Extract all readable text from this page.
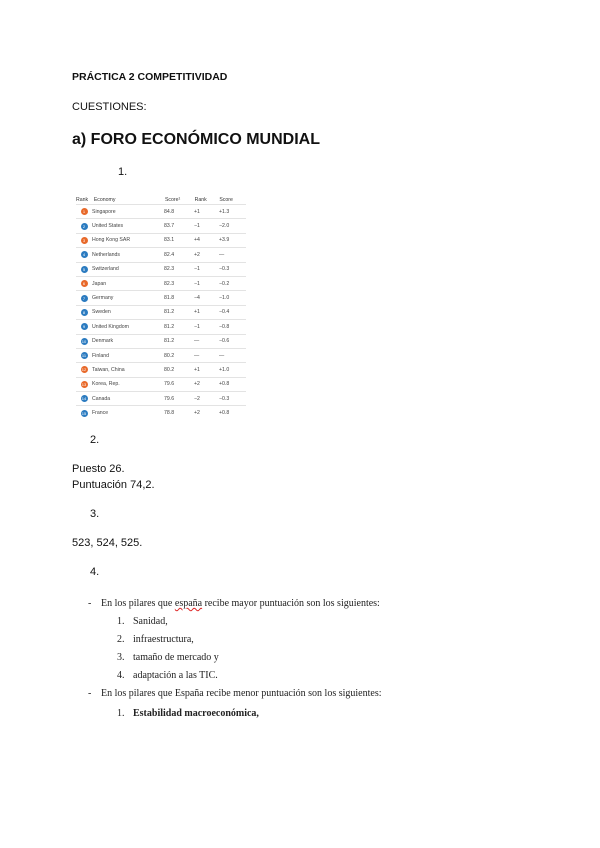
PRÁCTICA 2 COMPETITIVIDAD
CUESTIONES:
a) FORO ECONÓMICO MUNDIAL
1.
Rank	Economy	Score¹	Rank	Score
1	Singapore	84.8	+1	+1.3
2	United States	83.7	−1	−2.0
3	Hong Kong SAR	83.1	+4	+3.9
4	Netherlands	82.4	+2	—
5	Switzerland	82.3	−1	−0.3
6	Japan	82.3	−1	−0.2
7	Germany	81.8	−4	−1.0
8	Sweden	81.2	+1	−0.4
9	United Kingdom	81.2	−1	−0.8
10 Denmark	81.2	—	−0.6
11 Finland	80.2	—	—
12 Taiwan, China	80.2	+1	+1.0
13 Korea, Rep.	79.6	+2	+0.8
14 Canada	79.6	−2	−0.3
15 France	78.8	+2	+0.8
2.
Puesto 26.
Puntuación 74,2.
3.
523, 524, 525.
4.
- En los pilares que españa recibe mayor puntuación son los siguientes:
1. Sanidad,
2. infraestructura,
3. tamaño de mercado y
4. adaptación a las TIC.
- En los pilares que España recibe menor puntuación son los siguientes:
1. Estabilidad macroeconómica,
